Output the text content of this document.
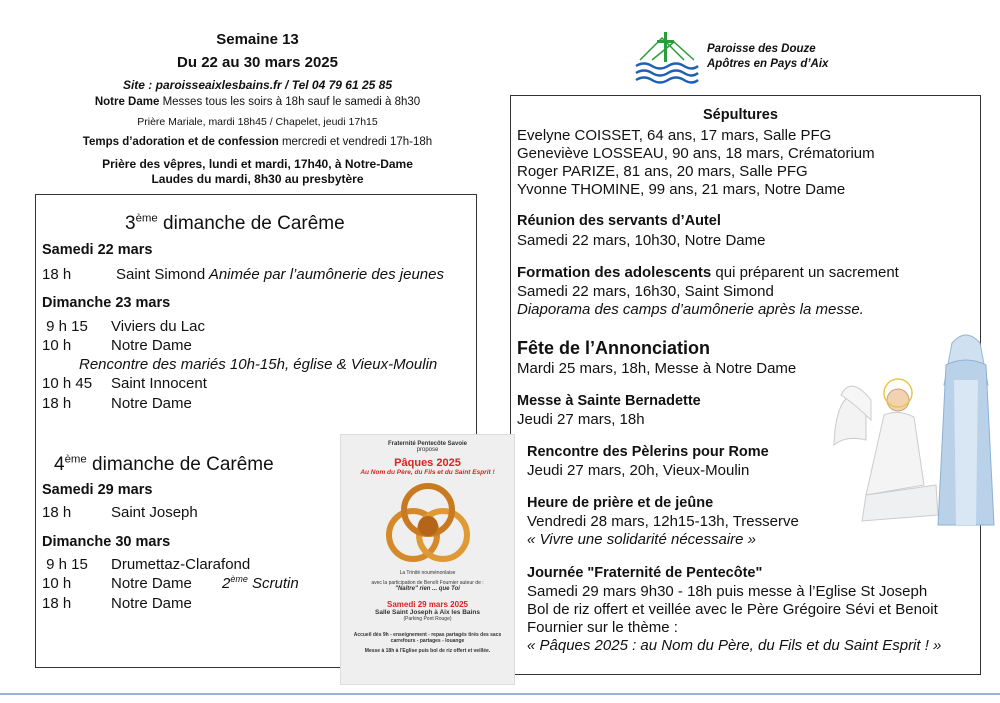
Semaine 13
Du 22 au 30 mars 2025
Site : paroisseaixlesbains.fr / Tel 04 79 61 25 85
Notre Dame Messes tous les soirs à 18h sauf le samedi à 8h30
Prière Mariale, mardi 18h45 / Chapelet, jeudi 17h15
Temps d’adoration et de confession mercredi et vendredi 17h-18h
Prière des vêpres, lundi et mardi, 17h40, à Notre-Dame
Laudes du mardi, 8h30 au presbytère
Paroisse des Douze
Apôtres en Pays d’Aix
3ème dimanche de Carême
Samedi 22 mars
18 h	Saint Simond Animée par l’aumônerie des jeunes
Dimanche 23 mars
9 h 15 Viviers du Lac
10 h	Notre Dame
Rencontre des mariés 10h-15h, église & Vieux-Moulin
10 h 45 Saint Innocent
18 h	Notre Dame
4ème dimanche de Carême
Samedi 29 mars
18 h	Saint Joseph
Dimanche 30 mars
9 h 15 Drumettaz-Clarafond
10 h	Notre Dame 2ème Scrutin
18 h	Notre Dame
Sépultures
Evelyne COISSET, 64 ans, 17 mars, Salle PFG
Geneviève LOSSEAU, 90 ans, 18 mars, Crématorium
Roger PARIZE, 81 ans, 20 mars, Salle PFG
Yvonne THOMINE, 99 ans, 21 mars, Notre Dame
Réunion des servants d’Autel
Samedi 22 mars, 10h30, Notre Dame
Formation des adolescents qui préparent un sacrement
Samedi 22 mars, 16h30, Saint Simond
Diaporama des camps d’aumônerie après la messe.
Fête de l’Annonciation
Mardi 25 mars, 18h, Messe à Notre Dame
Messe à Sainte Bernadette
Jeudi 27 mars, 18h
Rencontre des Pèlerins pour Rome
Jeudi 27 mars, 20h, Vieux-Moulin
Heure de prière et de jeûne
Vendredi 28 mars, 12h15-13h, Tresserve
« Vivre une solidarité nécessaire »
Journée "Fraternité de Pentecôte"
Samedi 29 mars 9h30 - 18h puis messe à l’Eglise St Joseph
Bol de riz offert et veillée avec le Père Grégoire Sévi et Benoit
Fournier sur le thème :
« Pâques 2025 : au Nom du Père, du Fils et du Saint Esprit ! »
Fraternité Pentecôte Savoie
propose
Pâques 2025
Au Nom du Père, du Fils et du Saint Esprit !
La Trinité nouménonlaise
avec la participation de Benoît Fournier auteur de :
"Naître" rien ... que Toi
Samedi 29 mars 2025
Salle Saint Joseph à Aix les Bains
(Parking Pont Rouge)
Accueil dès 9h - enseignement - repas partagés tirés des sacs carrefours - partages - louange
Messe à 18h à l'Eglise puis bol de riz offert et veillée.
